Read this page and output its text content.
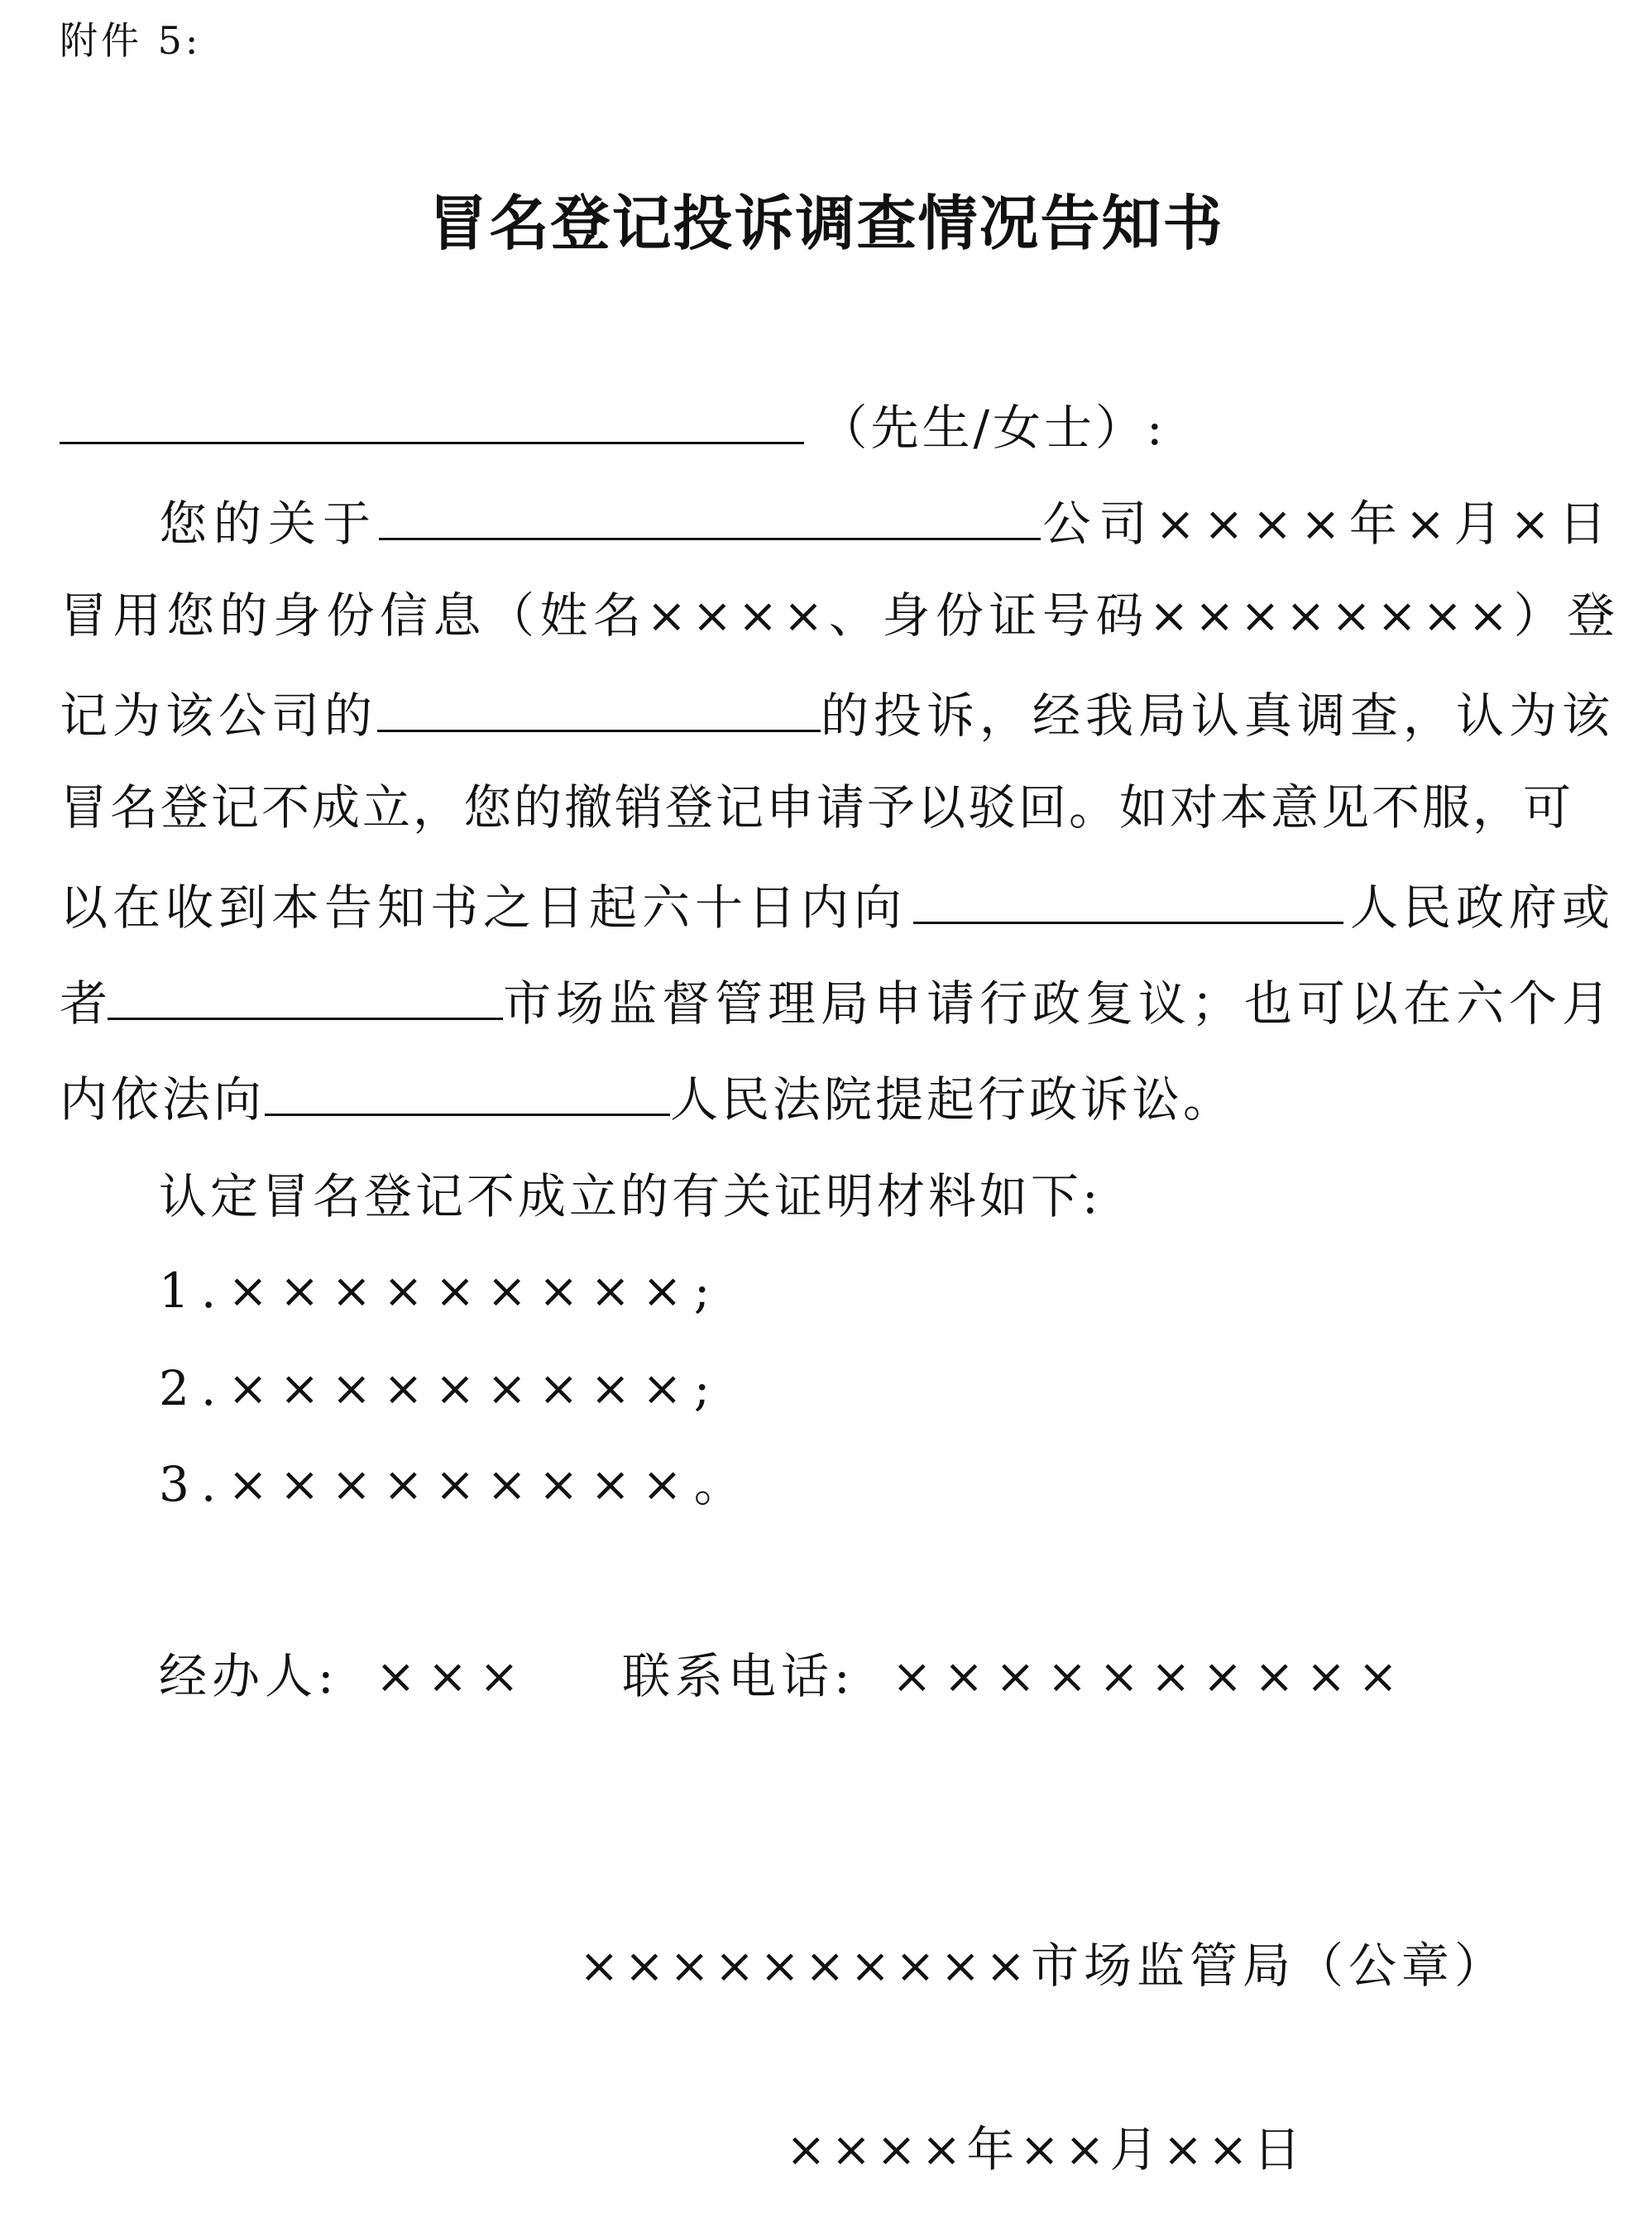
附件 5:
冒名登记投诉调查情况告知书
（先生/女士）:
您的关于	公司××××年×月×日
冒用您的身份信息（姓名××××、身份证号码××××××××）登
记为该公司的	的投诉，经我局认真调查，认为该
冒名登记不成立，您的撤销登记申请予以驳回。如对本意见不服，可
以在收到本告知书之日起六十日内向	人民政府或
者	市场监督管理局申请行政复议；也可以在六个月
内依法向	人民法院提起行政诉讼。
认定冒名登记不成立的有关证明材料如下:
1.×××××××××;
2.×××××××××;
3.×××××××××。
经办人: ××× 联系电话: ××××××××××
××××××××××市场监管局（公章）
××××年××月××日
